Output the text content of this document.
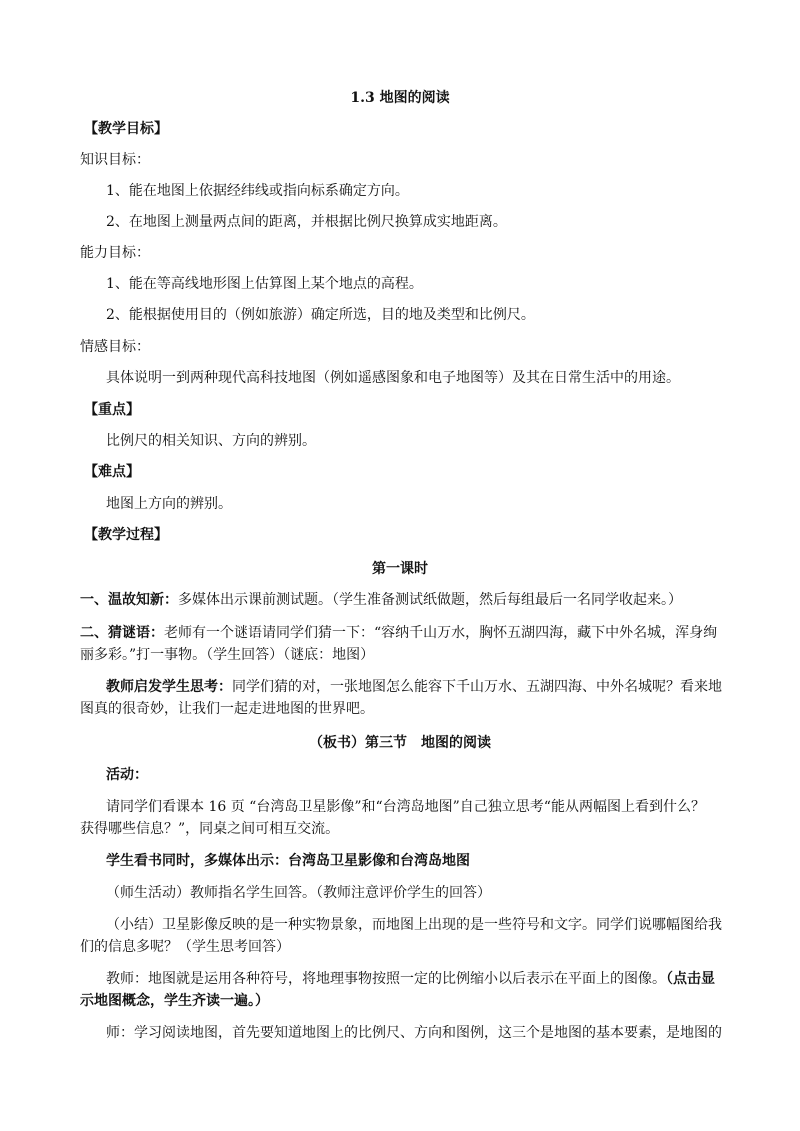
1.3 地图的阅读
【教学目标】
知识目标：
1、能在地图上依据经纬线或指向标系确定方向。
2、在地图上测量两点间的距离，并根据比例尺换算成实地距离。
能力目标：
1、能在等高线地形图上估算图上某个地点的高程。
2、能根据使用目的（例如旅游）确定所选，目的地及类型和比例尺。
情感目标：
具体说明一到两种现代高科技地图（例如遥感图象和电子地图等）及其在日常生活中的用途。
【重点】
比例尺的相关知识、方向的辨别。
【难点】
地图上方向的辨别。
【教学过程】
第一课时
一、温故知新：多媒体出示课前测试题。（学生准备测试纸做题，然后每组最后一名同学收起来。）
二、猜谜语：老师有一个谜语请同学们猜一下：“容纳千山万水，胸怀五湖四海，藏下中外名城，浑身绚
丽多彩。”打一事物。（学生回答）（谜底：地图）
教师启发学生思考：同学们猜的对，一张地图怎么能容下千山万水、五湖四海、中外名城呢？看来地
图真的很奇妙，让我们一起走进地图的世界吧。
（板书）第三节　地图的阅读
活动：
请同学们看课本 16 页 “台湾岛卫星影像”和“台湾岛地图”自己独立思考“能从两幅图上看到什么？
获得哪些信息？”，同桌之间可相互交流。
学生看书同时，多媒体出示：台湾岛卫星影像和台湾岛地图
（师生活动）教师指名学生回答。（教师注意评价学生的回答）
（小结）卫星影像反映的是一种实物景象，而地图上出现的是一些符号和文字。同学们说哪幅图给我
们的信息多呢？（学生思考回答）
教师：地图就是运用各种符号，将地理事物按照一定的比例缩小以后表示在平面上的图像。（点击显
示地图概念，学生齐读一遍。）
师：学习阅读地图，首先要知道地图上的比例尺、方向和图例，这三个是地图的基本要素，是地图的
